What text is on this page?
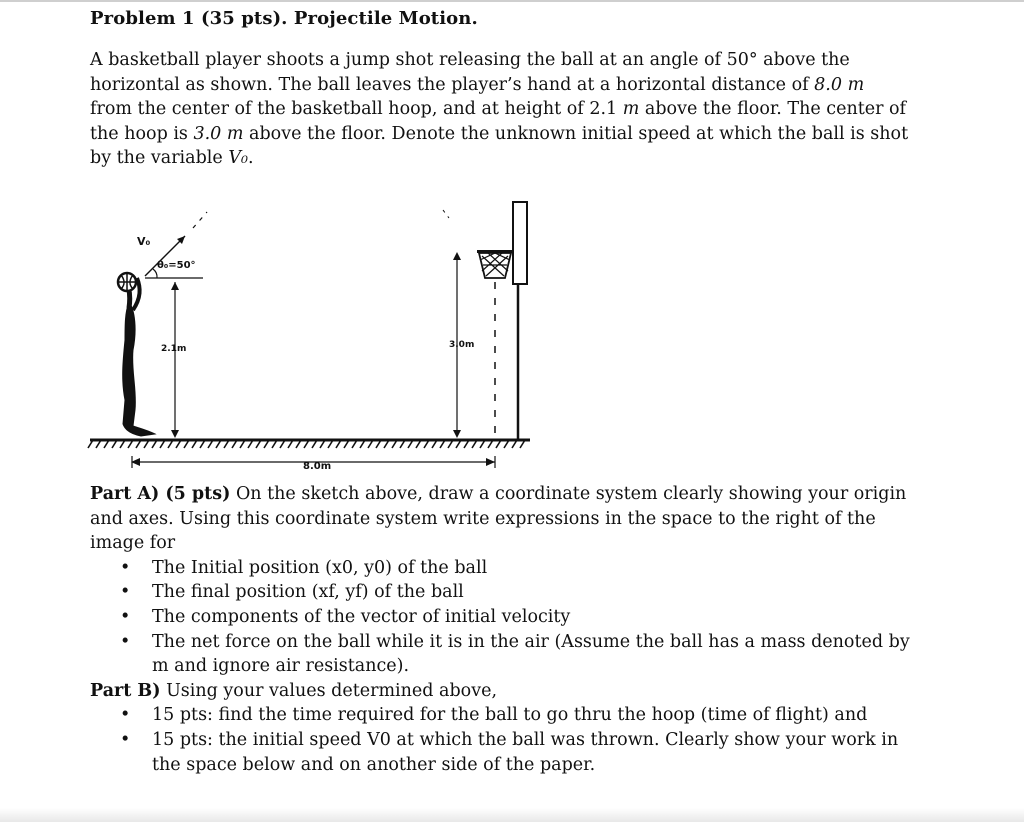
Problem 1 (35 pts). Projectile Motion.

A basketball player shoots a jump shot releasing the ball at an angle of 50° above the horizontal as shown. The ball leaves the player’s hand at a horizontal distance of 8.0 m from the center of the basketball hoop, and at height of 2.1 m above the floor. The center of the hoop is 3.0 m above the floor. Denote the unknown initial speed at which the ball is shot by the variable V₀.

V₀
θ₀=50°
2.1m	3.0m
8.0m

Part A) (5 pts) On the sketch above, draw a coordinate system clearly showing your origin and axes. Using this coordinate system write expressions in the space to the right of the image for

• The Initial position (x0, y0) of the ball
• The final position (xf, yf) of the ball
• The components of the vector of initial velocity
• The net force on the ball while it is in the air (Assume the ball has a mass denoted by m and ignore air resistance).

Part B) Using your values determined above,

• 15 pts: find the time required for the ball to go thru the hoop (time of flight) and
• 15 pts: the initial speed V0 at which the ball was thrown. Clearly show your work in the space below and on another side of the paper.
